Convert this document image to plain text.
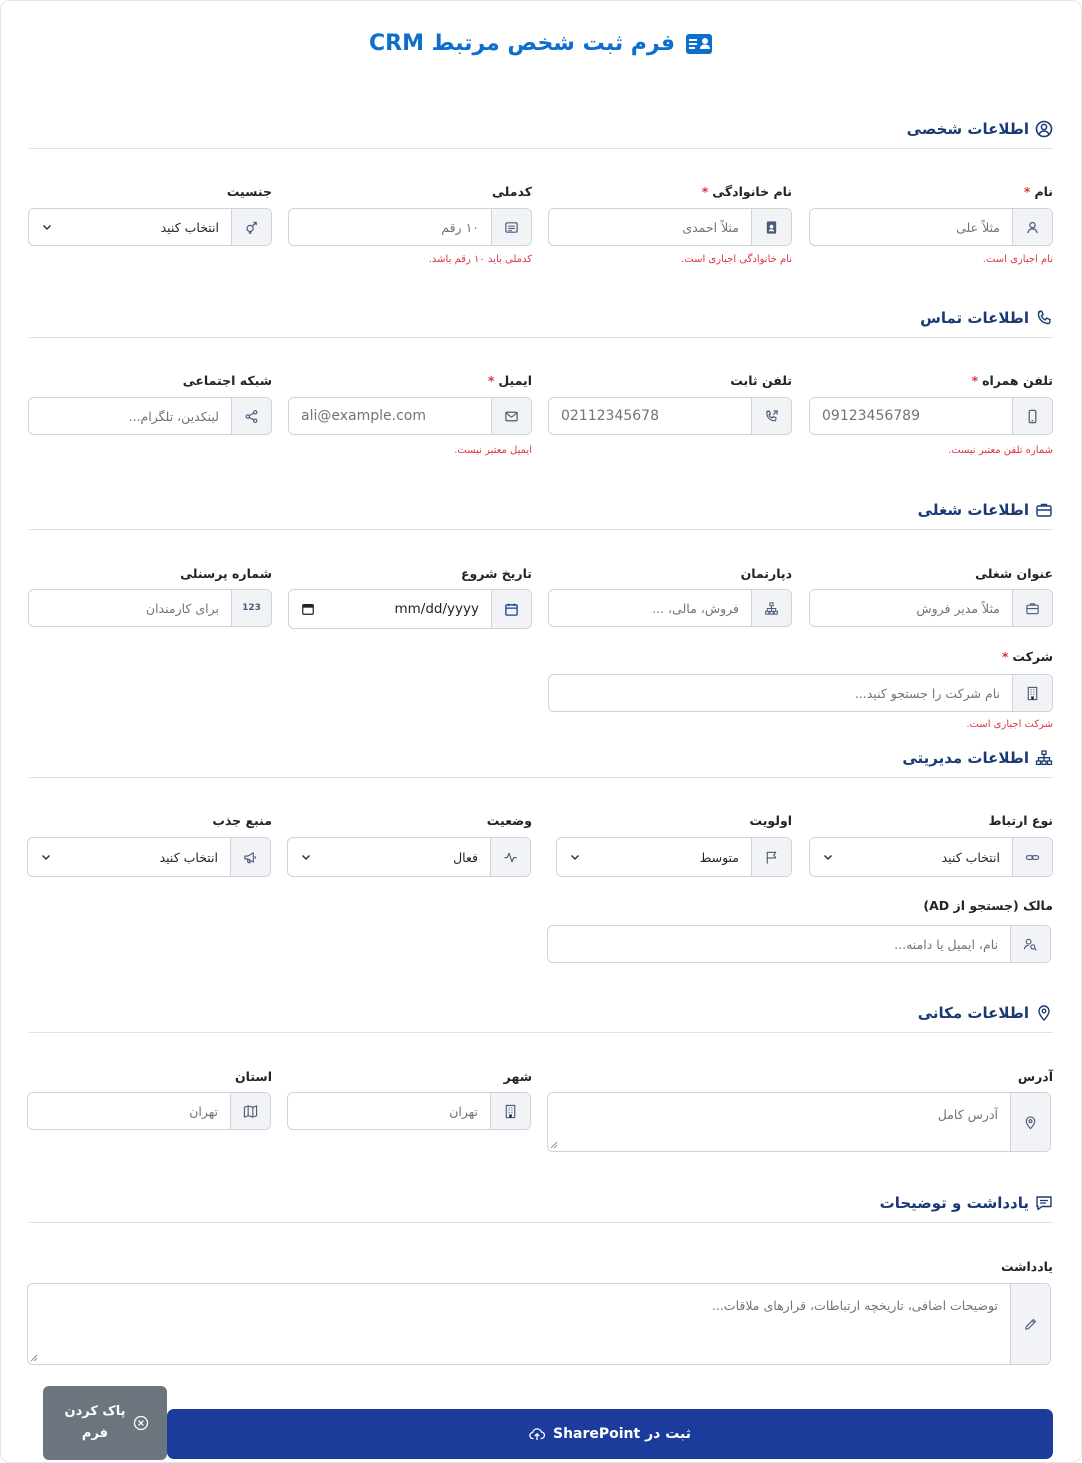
فرم ثبت شخص مرتبط CRM
اطلاعات شخصی
نام*
مثلاً علی
نام اجباری است.
نام خانوادگی*
مثلاً احمدی
نام خانوادگی اجباری است.
کدملی
۱۰ رقم
کدملی باید ۱۰ رقم باشد.
جنسیت
انتخاب کنید
اطلاعات تماس
تلفن همراه*
09123456789
شماره تلفن معتبر نیست.
تلفن ثابت
02112345678
ایمیل*
ali@example.com
ایمیل معتبر نیست.
شبکه اجتماعی
لینکدین، تلگرام...
اطلاعات شغلی
عنوان شغلی
مثلاً مدیر فروش
دپارتمان
فروش، مالی، ...
تاریخ شروع
mm/dd/yyyy
شماره پرسنلی
123
برای کارمندان
شرکت*
نام شرکت را جستجو کنید...
شرکت اجباری است.
اطلاعات مدیریتی
نوع ارتباط
انتخاب کنید
اولویت
متوسط
وضعیت
فعال
منبع جذب
انتخاب کنید
مالک (جستجو از AD)
نام، ایمیل یا دامنه...
اطلاعات مکانی
آدرس
آدرس کامل
شهر
تهران
استان
تهران
یادداشت و توضیحات
یادداشت
توضیحات اضافی، تاریخچه ارتباطات، قرارهای ملاقات...
ثبت در SharePoint
پاک کردن فرم
